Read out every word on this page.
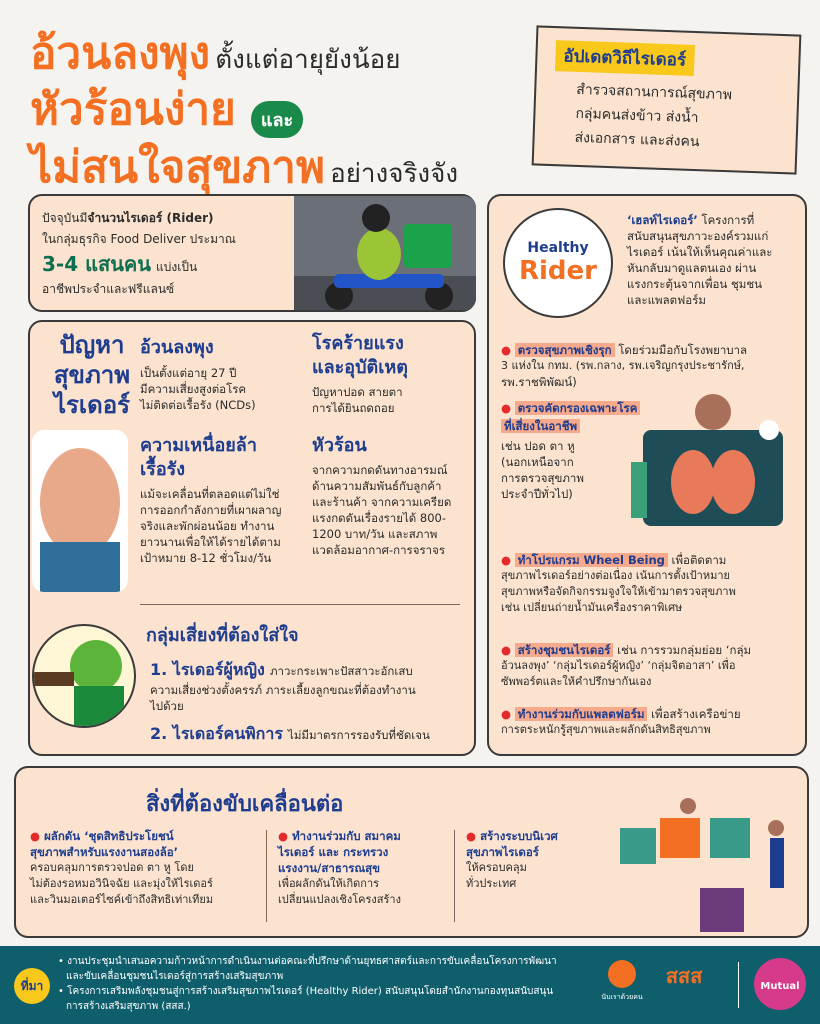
อ้วนลงพุง ตั้งแต่อายุยังน้อย
หัวร้อนง่าย และ
ไม่สนใจสุขภาพ อย่างจริงจัง
อัปเดตวิถีไรเดอร์
สำรวจสถานการณ์สุขภาพ
กลุ่มคนส่งข้าว ส่งน้ำ
ส่งเอกสาร และส่งคน
ปัจจุบันมีจำนวนไรเดอร์ (Rider)
ในกลุ่มธุรกิจ Food Deliver ประมาณ
3-4 แสนคน แบ่งเป็น
อาชีพประจำและฟรีแลนซ์
ปัญหา
สุขภาพ
ไรเดอร์
อ้วนลงพุง
เป็นตั้งแต่อายุ 27 ปี
มีความเสี่ยงสูงต่อโรค
ไม่ติดต่อเรื้อรัง (NCDs)
โรคร้ายแรง
และอุบัติเหตุ
ปัญหาปอด สายตา
การได้ยินถดถอย
ความเหนื่อยล้า
เรื้อรัง
แม้จะเคลื่อนที่ตลอดแต่ไม่ใช่
การออกกำลังกายที่เผาผลาญ
จริงและพักผ่อนน้อย ทำงาน
ยาวนานเพื่อให้ได้รายได้ตาม
เป้าหมาย 8-12 ชั่วโมง/วัน
หัวร้อน
จากความกดดันทางอารมณ์
ด้านความสัมพันธ์กับลูกค้า
และร้านค้า จากความเครียด
แรงกดดันเรื่องรายได้ 800-
1200 บาท/วัน และสภาพ
แวดล้อมอากาศ-การจราจร
กลุ่มเสี่ยงที่ต้องใส่ใจ
1. ไรเดอร์ผู้หญิง ภาวะกระเพาะปัสสาวะอักเสบ
ความเสี่ยงช่วงตั้งครรภ์ ภาระเลี้ยงลูกขณะที่ต้องทำงาน
ไปด้วย
2. ไรเดอร์คนพิการ ไม่มีมาตรการรองรับที่ชัดเจน
Healthy
Rider
‘เฮลท์ไรเดอร์’ โครงการที่
สนับสนุนสุขภาวะองค์รวมแก่
ไรเดอร์ เน้นให้เห็นคุณค่าและ
หันกลับมาดูแลตนเอง ผ่าน
แรงกระตุ้นจากเพื่อน ชุมชน
และแพลตฟอร์ม
● ตรวจสุขภาพเชิงรุก โดยร่วมมือกับโรงพยาบาล
3 แห่งใน กทม. (รพ.กลาง, รพ.เจริญกรุงประชารักษ์,
รพ.ราชพิพัฒน์)
● ตรวจคัดกรองเฉพาะโรค
ที่เสี่ยงในอาชีพ
เช่น ปอด ตา หู
(นอกเหนือจาก
การตรวจสุขภาพ
ประจำปีทั่วไป)
● ทำโปรแกรม Wheel Being เพื่อติดตาม
สุขภาพไรเดอร์อย่างต่อเนื่อง เน้นการตั้งเป้าหมาย
สุขภาพหรือจัดกิจกรรมจูงใจให้เข้ามาตรวจสุขภาพ
เช่น เปลี่ยนถ่ายน้ำมันเครื่องราคาพิเศษ
● สร้างชุมชนไรเดอร์ เช่น การรวมกลุ่มย่อย ‘กลุ่ม
อ้วนลงพุง’ ‘กลุ่มไรเดอร์ผู้หญิง’ ‘กลุ่มจิตอาสา’ เพื่อ
ซัพพอร์ตและให้คำปรึกษากันเอง
● ทำงานร่วมกับแพลตฟอร์ม เพื่อสร้างเครือข่าย
การตระหนักรู้สุขภาพและผลักดันสิทธิสุขภาพ
สิ่งที่ต้องขับเคลื่อนต่อ
● ผลักดัน ‘ชุดสิทธิประโยชน์
สุขภาพสำหรับแรงงานสองล้อ’
ครอบคลุมการตรวจปอด ตา หู โดย
ไม่ต้องรอหมอวินิจฉัย และมุ่งให้ไรเดอร์
และวินมอเตอร์ไซค์เข้าถึงสิทธิเท่าเทียม
● ทำงานร่วมกับ สมาคม
ไรเดอร์ และ กระทรวง
แรงงาน/สาธารณสุข
เพื่อผลักดันให้เกิดการ
เปลี่ยนแปลงเชิงโครงสร้าง
● สร้างระบบนิเวศ
สุขภาพไรเดอร์
ให้ครอบคลุม
ทั่วประเทศ
ที่มา
• งานประชุมนำเสนอความก้าวหน้าการดำเนินงานต่อคณะที่ปรึกษาด้านยุทธศาสตร์และการขับเคลื่อนโครงการพัฒนา
และขับเคลื่อนชุมชนไรเดอร์สู่การสร้างเสริมสุขภาพ
• โครงการเสริมพลังชุมชนสู่การสร้างเสริมสุขภาพไรเดอร์ (Healthy Rider) สนับสนุนโดยสำนักงานกองทุนสนับสนุน
การสร้างเสริมสุขภาพ (สสส.)
นับเราด้วยคน
สสส	Mutual
